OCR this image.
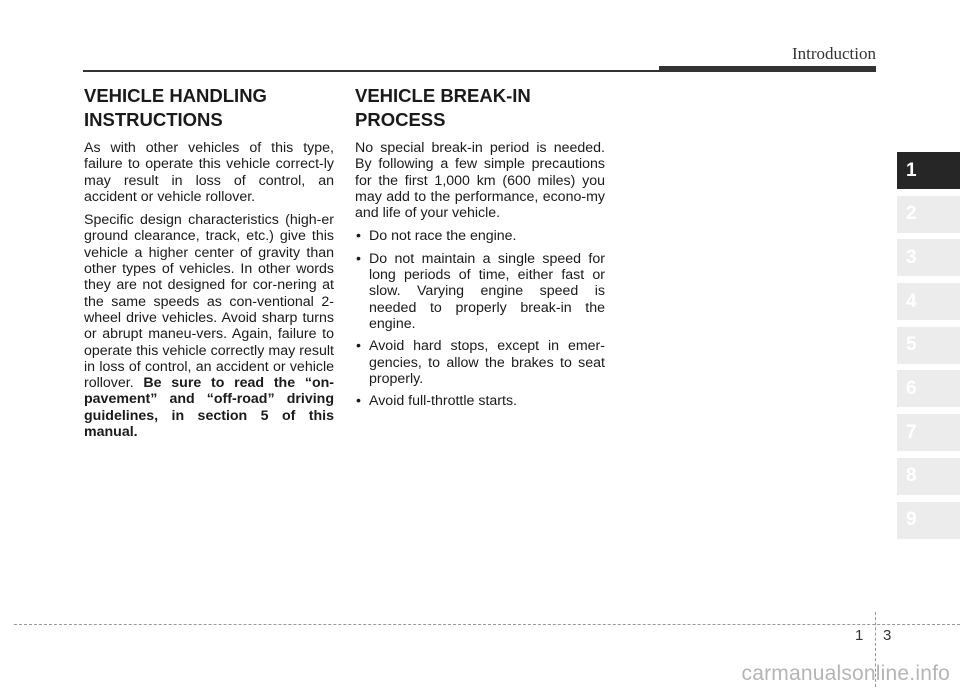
Introduction
VEHICLE HANDLING
INSTRUCTIONS

As with other vehicles of this type, failure to operate this vehicle correct-ly may result in loss of control, an accident or vehicle rollover.

Specific design characteristics (high-er ground clearance, track, etc.) give this vehicle a higher center of gravity than other types of vehicles. In other words they are not designed for cor-nering at the same speeds as con-ventional 2-wheel drive vehicles. Avoid sharp turns or abrupt maneu-vers. Again, failure to operate this vehicle correctly may result in loss of control, an accident or vehicle rollover. Be sure to read the “on-pavement” and “off-road” driving guidelines, in section 5 of this manual.

VEHICLE BREAK-IN
PROCESS

No special break-in period is needed. By following a few simple precautions for the first 1,000 km (600 miles) you may add to the performance, econo-my and life of your vehicle.

• Do not race the engine.
• Do not maintain a single speed for long periods of time, either fast or slow. Varying engine speed is needed to properly break-in the engine.
• Avoid hard stops, except in emer-gencies, to allow the brakes to seat properly.
• Avoid full-throttle starts.
1
2
3
4
5
6
7
8
9
1 3
carmanualsonline.info
